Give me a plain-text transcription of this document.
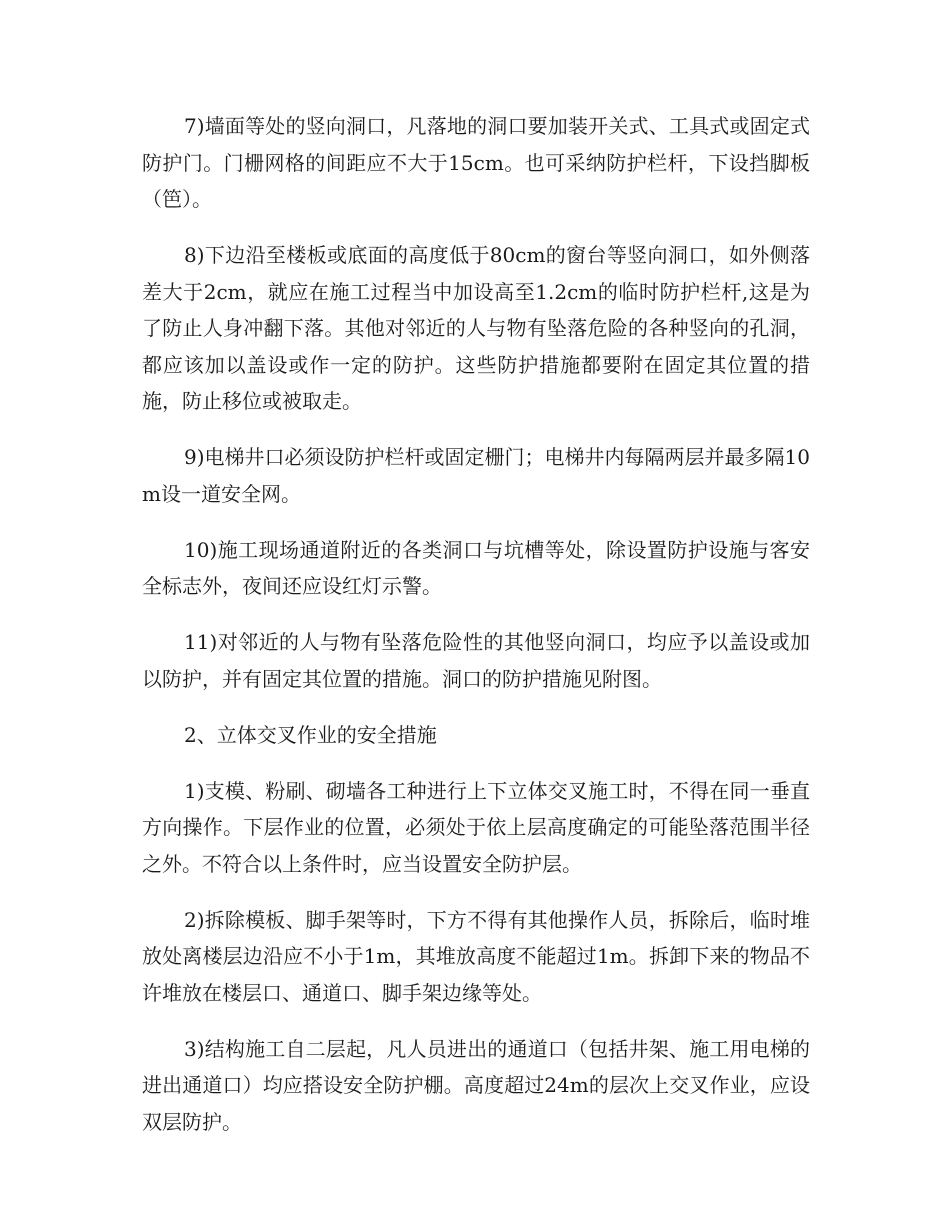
7)墙面等处的竖向洞口，凡落地的洞口要加装开关式、工具式或固定式防护门。门栅网格的间距应不大于15cm。也可采纳防护栏杆，下设挡脚板（笆）。

8)下边沿至楼板或底面的高度低于80cm的窗台等竖向洞口，如外侧落差大于2cm，就应在施工过程当中加设高至1.2cm的临时防护栏杆,这是为了防止人身冲翻下落。其他对邻近的人与物有坠落危险的各种竖向的孔洞，都应该加以盖设或作一定的防护。这些防护措施都要附在固定其位置的措施，防止移位或被取走。

9)电梯井口必须设防护栏杆或固定栅门；电梯井内每隔两层并最多隔10m设一道安全网。

10)施工现场通道附近的各类洞口与坑槽等处，除设置防护设施与客安全标志外，夜间还应设红灯示警。

11)对邻近的人与物有坠落危险性的其他竖向洞口，均应予以盖设或加以防护，并有固定其位置的措施。洞口的防护措施见附图。

2、立体交叉作业的安全措施

1)支模、粉刷、砌墙各工种进行上下立体交叉施工时，不得在同一垂直方向操作。下层作业的位置，必须处于依上层高度确定的可能坠落范围半径之外。不符合以上条件时，应当设置安全防护层。

2)拆除模板、脚手架等时，下方不得有其他操作人员，拆除后，临时堆放处离楼层边沿应不小于1m，其堆放高度不能超过1m。拆卸下来的物品不许堆放在楼层口、通道口、脚手架边缘等处。

3)结构施工自二层起，凡人员进出的通道口（包括井架、施工用电梯的进出通道口）均应搭设安全防护棚。高度超过24m的层次上交叉作业，应设双层防护。
